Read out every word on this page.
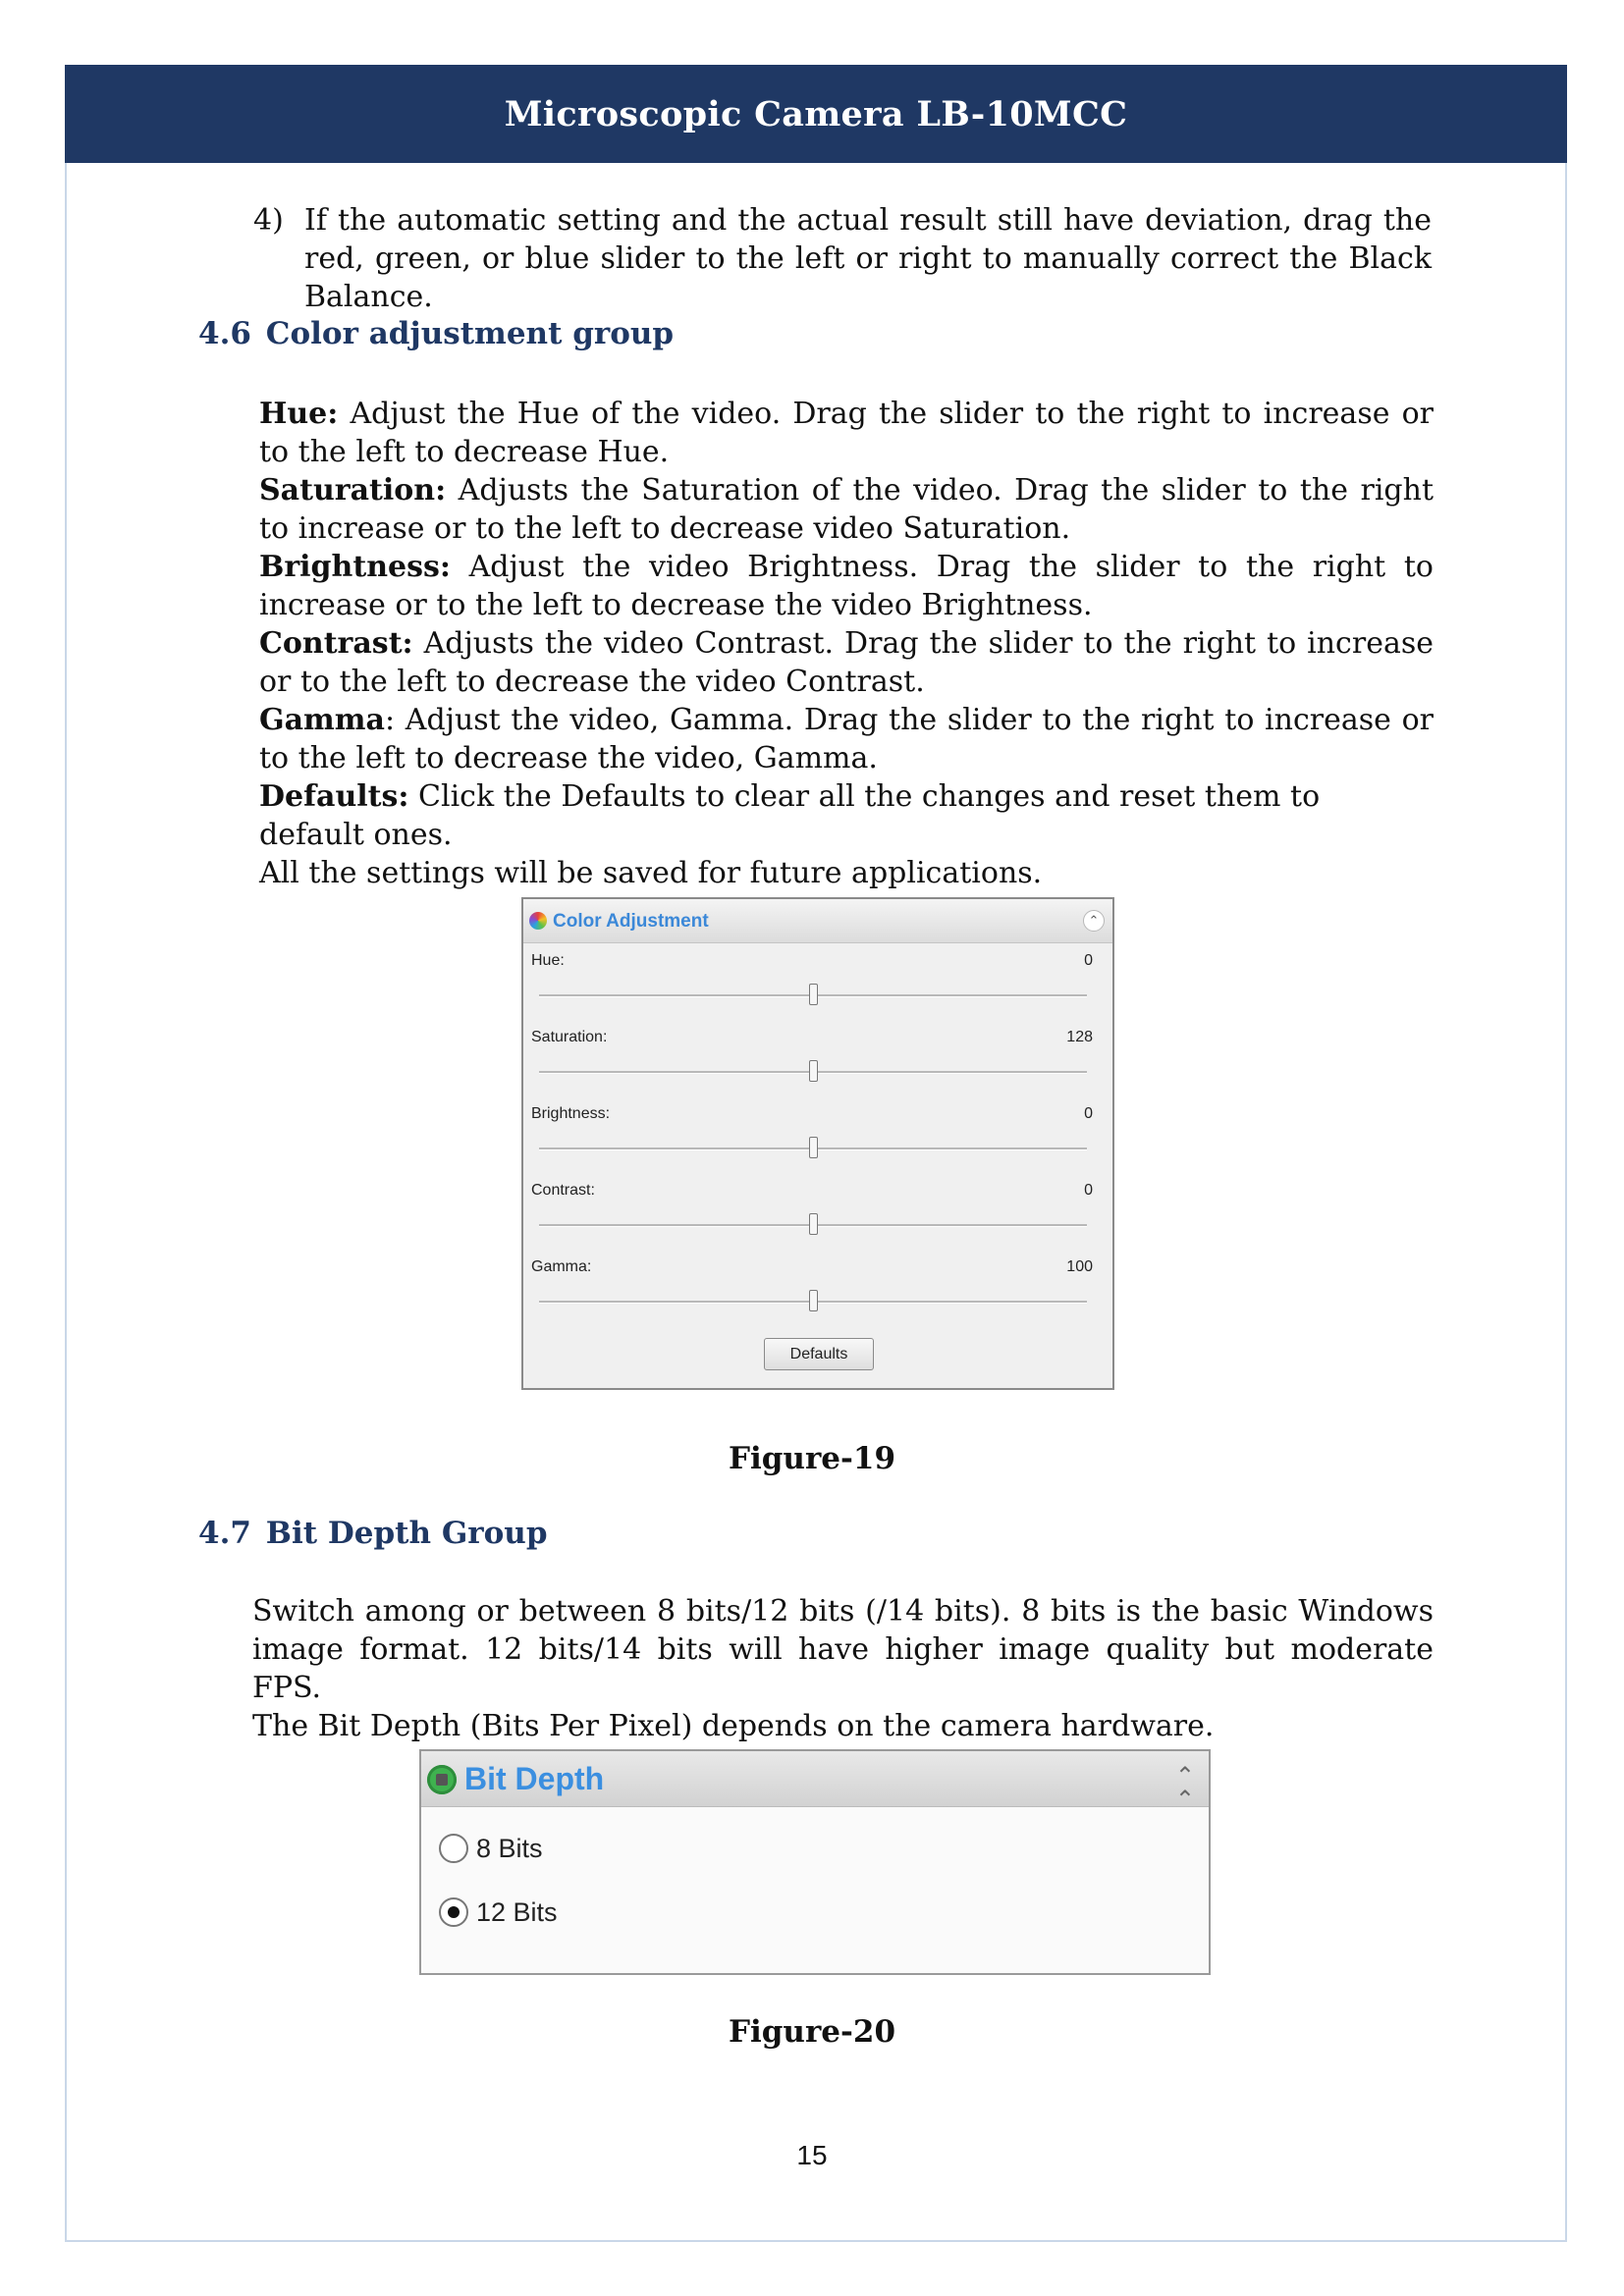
Microscopic Camera LB-10MCC
4) If the automatic setting and the actual result still have deviation, drag the red, green, or blue slider to the left or right to manually correct the Black Balance.
4.6 Color adjustment group
Hue: Adjust the Hue of the video. Drag the slider to the right to increase or to the left to decrease Hue.
Saturation: Adjusts the Saturation of the video. Drag the slider to the right to increase or to the left to decrease video Saturation.
Brightness: Adjust the video Brightness. Drag the slider to the right to increase or to the left to decrease the video Brightness.
Contrast: Adjusts the video Contrast. Drag the slider to the right to increase or to the left to decrease the video Contrast.
Gamma: Adjust the video, Gamma. Drag the slider to the right to increase or to the left to decrease the video, Gamma.
Defaults: Click the Defaults to clear all the changes and reset them to default ones.
All the settings will be saved for future applications.
Color Adjustment	⌃
Hue:	0
Saturation:	128
Brightness:	0
Contrast:	0
Gamma:	100
Defaults
Figure-19
4.7 Bit Depth Group
Switch among or between 8 bits/12 bits (/14 bits). 8 bits is the basic Windows image format. 12 bits/14 bits will have higher image quality but moderate FPS.
The Bit Depth (Bits Per Pixel) depends on the camera hardware.
Bit Depth	⌃
⌃
8 Bits
12 Bits
Figure-20
15
